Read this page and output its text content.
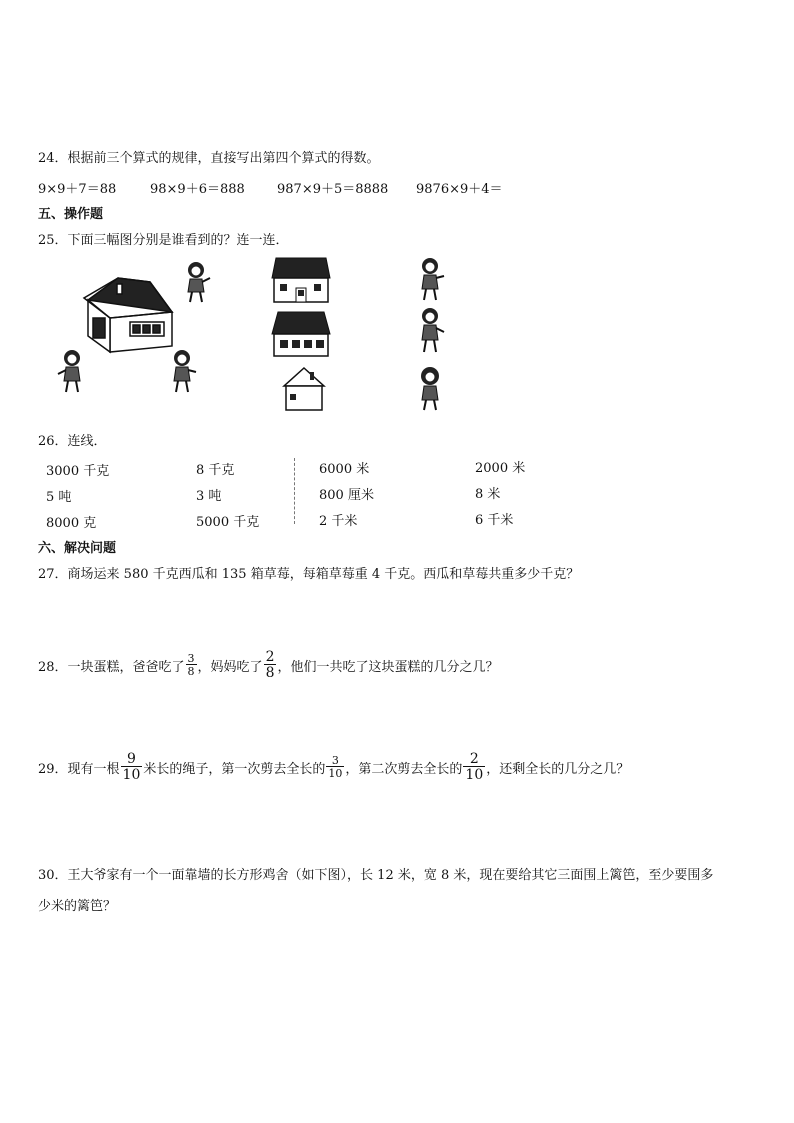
24．根据前三个算式的规律，直接写出第四个算式的得数。
9×9＋7＝88	98×9＋6＝888 987×9＋5＝8888 9876×9＋4＝
五、操作题
25．下面三幅图分别是谁看到的？连一连．
26．连线．
3000 千克
5 吨
8000 克
8 千克
3 吨
5000 千克
6000 米
800 厘米
2 千米
2000 米
8 米
6 千米
六、解决问题
27．商场运来 580 千克西瓜和 135 箱草莓，每箱草莓重 4 千克。西瓜和草莓共重多少千克？
28．一块蛋糕，爸爸吃了 $\frac{3}{8}$ ，妈妈吃了 $\frac{2}{8}$ ，他们一共吃了这块蛋糕的几分之几？
29．现有一根 $\frac{9}{10}$ 米长的绳子，第一次剪去全长的 $\frac{3}{10}$ ，第二次剪去全长的 $\frac{2}{10}$ ，还剩全长的几分之几？
30．王大爷家有一个一面靠墙的长方形鸡舍（如下图），长 12 米，宽 8 米，现在要给其它三面围上篱笆，至少要围多
少米的篱笆？
